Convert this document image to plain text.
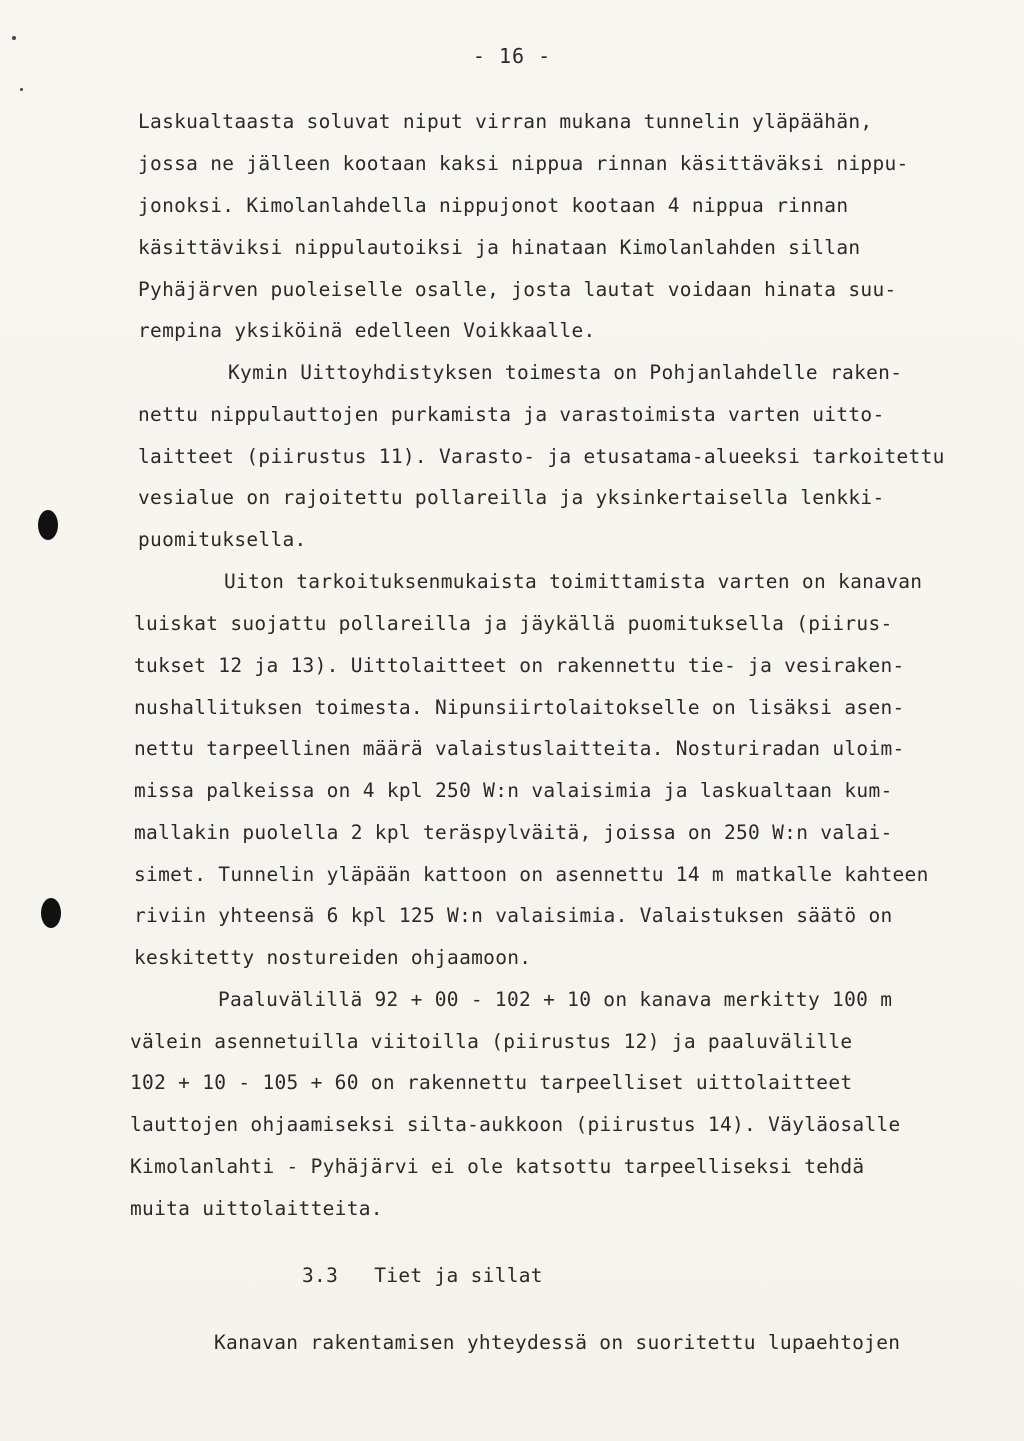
- 16 -
Laskualtaasta soluvat niput virran mukana tunnelin yläpäähän,
jossa ne jälleen kootaan kaksi nippua rinnan käsittäväksi nippu-
jonoksi. Kimolanlahdella nippujonot kootaan 4 nippua rinnan
käsittäviksi nippulautoiksi ja hinataan Kimolanlahden sillan
Pyhäjärven puoleiselle osalle, josta lautat voidaan hinata suu-
rempina yksiköinä edelleen Voikkaalle.
Kymin Uittoyhdistyksen toimesta on Pohjanlahdelle raken-
nettu nippulauttojen purkamista ja varastoimista varten uitto-
laitteet (piirustus 11). Varasto- ja etusatama-alueeksi tarkoitettu
vesialue on rajoitettu pollareilla ja yksinkertaisella lenkki-
puomituksella.
Uiton tarkoituksenmukaista toimittamista varten on kanavan
luiskat suojattu pollareilla ja jäykällä puomituksella (piirus-
tukset 12 ja 13). Uittolaitteet on rakennettu tie- ja vesiraken-
nushallituksen toimesta. Nipunsiirtolaitokselle on lisäksi asen-
nettu tarpeellinen määrä valaistuslaitteita. Nosturiradan uloim-
missa palkeissa on 4 kpl 250 W:n valaisimia ja laskualtaan kum-
mallakin puolella 2 kpl teräspylväitä, joissa on 250 W:n valai-
simet. Tunnelin yläpään kattoon on asennettu 14 m matkalle kahteen
riviin yhteensä 6 kpl 125 W:n valaisimia. Valaistuksen säätö on
keskitetty nostureiden ohjaamoon.
Paaluvälillä 92 + 00 - 102 + 10 on kanava merkitty 100 m
välein asennetuilla viitoilla (piirustus 12) ja paaluvälille
102 + 10 - 105 + 60 on rakennettu tarpeelliset uittolaitteet
lauttojen ohjaamiseksi silta-aukkoon (piirustus 14). Väyläosalle
Kimolanlahti - Pyhäjärvi ei ole katsottu tarpeelliseksi tehdä
muita uittolaitteita.
3.3 Tiet ja sillat
Kanavan rakentamisen yhteydessä on suoritettu lupaehtojen
